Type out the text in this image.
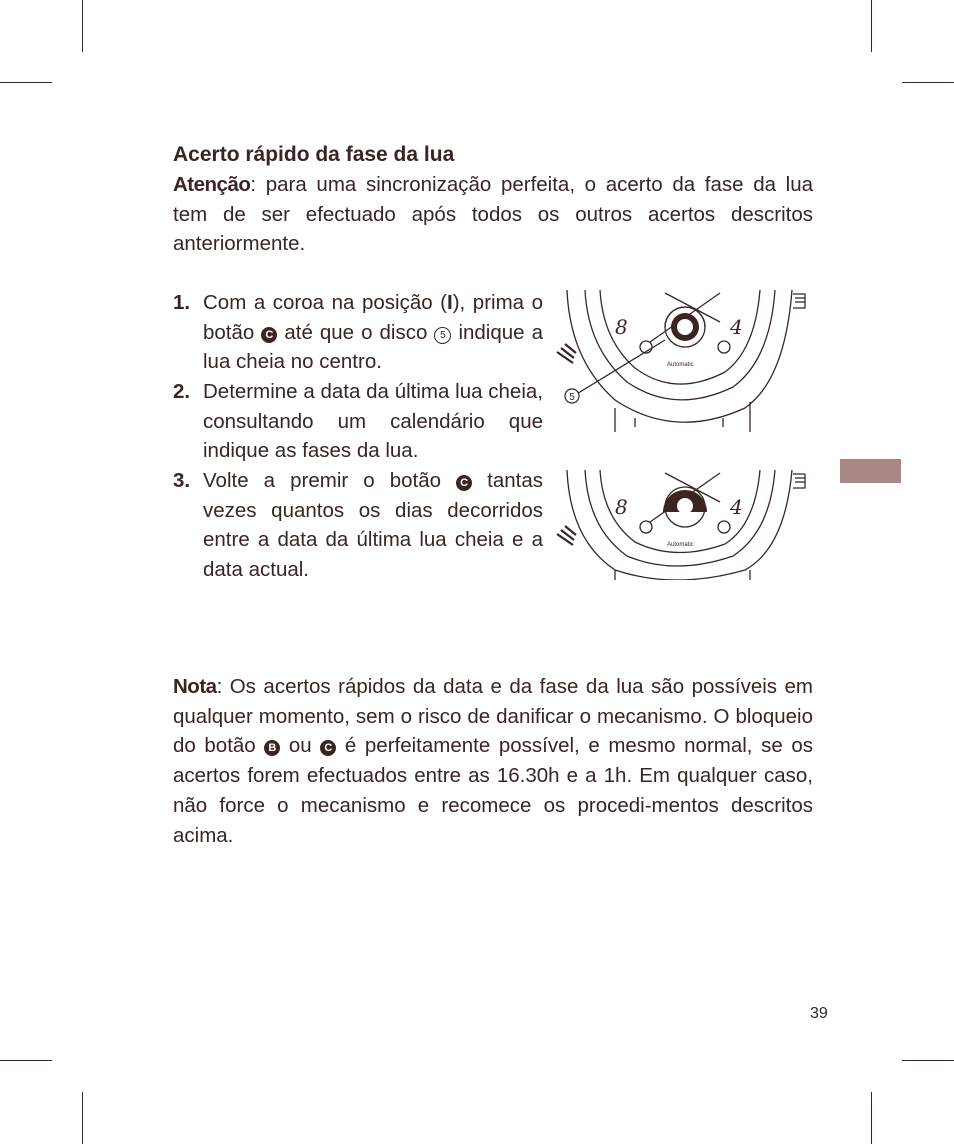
Acerto rápido da fase da lua

Atenção: para uma sincronização perfeita, o acerto da fase da lua tem de ser efectuado após todos os outros acertos descritos anteriormente.

1. Com a coroa na posição (I), prima o botão C até que o disco 5 indique a lua cheia no centro.
2. Determine a data da última lua cheia, consultando um calendário que indique as fases da lua.
3. Volte a premir o botão C tantas vezes quantos os dias decorridos entre a data da última lua cheia e a data actual.
8	4
Automatic
5
8	4
Automatic

Nota: Os acertos rápidos da data e da fase da lua são possíveis em qualquer momento, sem o risco de danificar o mecanismo. O bloqueio do botão B ou C é perfeitamente possível, e mesmo normal, se os acertos forem efectuados entre as 16.30h e a 1h. Em qualquer caso, não force o mecanismo e recomece os procedi-mentos descritos acima.

39
